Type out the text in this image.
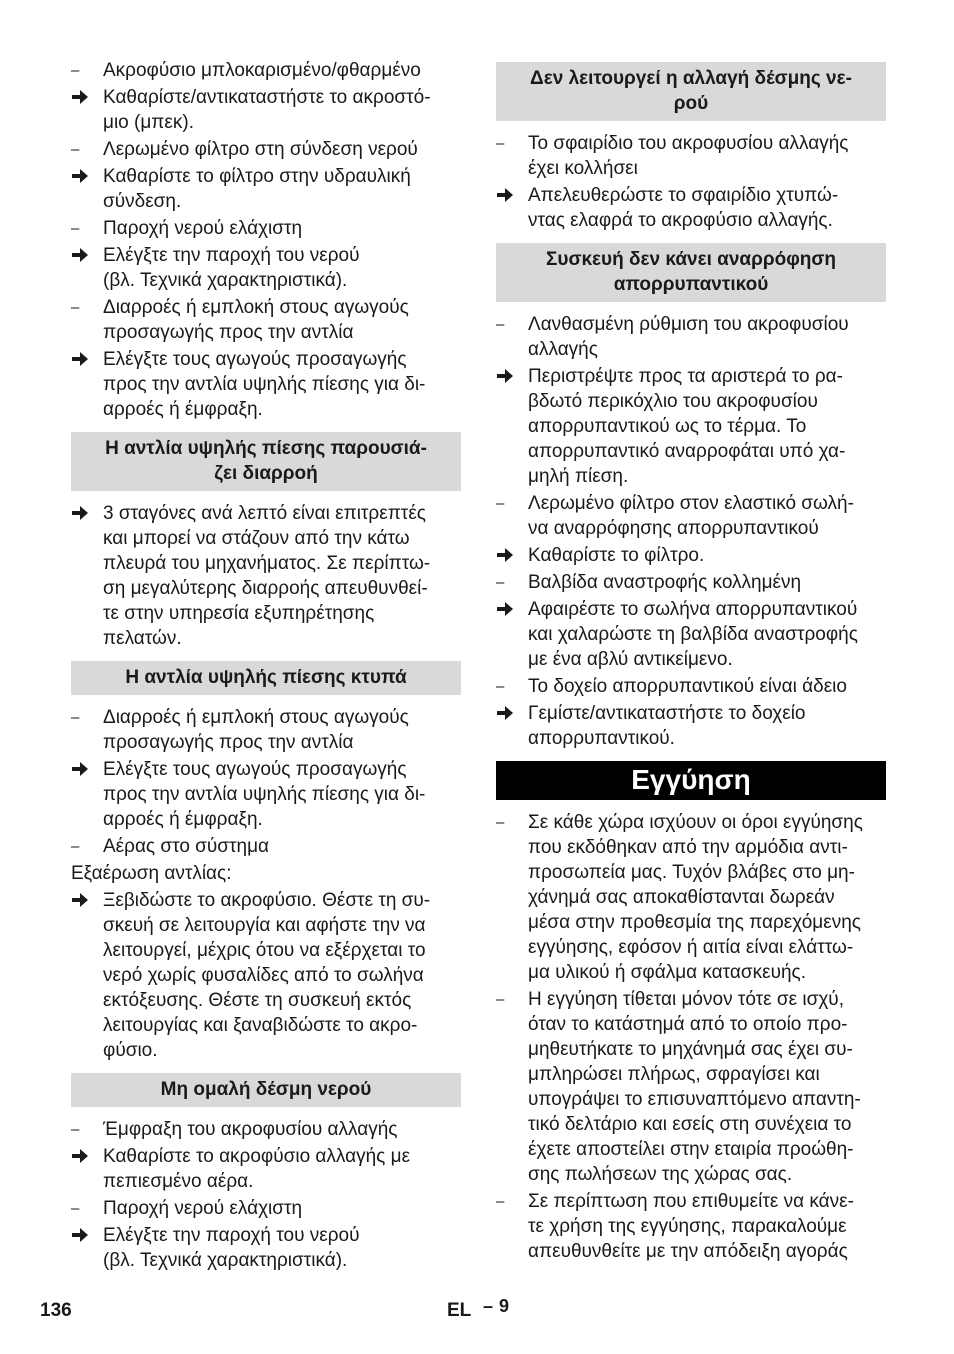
–	Ακροφύσιο μπλοκαρισμένο/φθαρμένο
Καθαρίστε/αντικαταστήστε το ακροστό-
μιο (μπεκ).
–	Λερωμένο φίλτρο στη σύνδεση νερού
Καθαρίστε το φίλτρο στην υδραυλική
σύνδεση.
–	Παροχή νερού ελάχιστη
Ελέγξτε την παροχή του νερού
(βλ. Τεχνικά χαρακτηριστικά).
–	Διαρροές ή εμπλοκή στους αγωγούς
προσαγωγής προς την αντλία
Ελέγξτε τους αγωγούς προσαγωγής
προς την αντλία υψηλής πίεσης για δι-
αρροές ή έμφραξη.
Η αντλία υψηλής πίεσης παρουσιά-
ζει διαρροή
3 σταγόνες ανά λεπτό είναι επιτρεπτές
και μπορεί να στάζουν από την κάτω
πλευρά του μηχανήματος. Σε περίπτω-
ση μεγαλύτερης διαρροής απευθυνθεί-
τε στην υπηρεσία εξυπηρέτησης
πελατών.
Η αντλία υψηλής πίεσης κτυπά
–	Διαρροές ή εμπλοκή στους αγωγούς
προσαγωγής προς την αντλία
Ελέγξτε τους αγωγούς προσαγωγής
προς την αντλία υψηλής πίεσης για δι-
αρροές ή έμφραξη.
–	Αέρας στο σύστημα
Εξαέρωση αντλίας:
Ξεβιδώστε το ακροφύσιο. Θέστε τη συ-
σκευή σε λειτουργία και αφήστε την να
λειτουργεί, μέχρις ότου να εξέρχεται το
νερό χωρίς φυσαλίδες από το σωλήνα
εκτόξευσης. Θέστε τη συσκευή εκτός
λειτουργίας και ξαναβιδώστε το ακρο-
φύσιο.
Μη ομαλή δέσμη νερού
–	Έμφραξη του ακροφυσίου αλλαγής
Καθαρίστε το ακροφύσιο αλλαγής με
πεπιεσμένο αέρα.
–	Παροχή νερού ελάχιστη
Ελέγξτε την παροχή του νερού
(βλ. Τεχνικά χαρακτηριστικά).
Δεν λειτουργεί η αλλαγή δέσμης νε-
ρού
–	Το σφαιρίδιο του ακροφυσίου αλλαγής
έχει κολλήσει
Απελευθερώστε το σφαιρίδιο χτυπώ-
ντας ελαφρά το ακροφύσιο αλλαγής.
Συσκευή δεν κάνει αναρρόφηση
απορρυπαντικού
–	Λανθασμένη ρύθμιση του ακροφυσίου
αλλαγής
Περιστρέψτε προς τα αριστερά το ρα-
βδωτό περικόχλιο του ακροφυσίου
απορρυπαντικού ως το τέρμα. Το
απορρυπαντικό αναρροφάται υπό χα-
μηλή πίεση.
–	Λερωμένο φίλτρο στον ελαστικό σωλή-
να αναρρόφησης απορρυπαντικού
Καθαρίστε το φίλτρο.
–	Βαλβίδα αναστροφής κολλημένη
Αφαιρέστε το σωλήνα απορρυπαντικού
και χαλαρώστε τη βαλβίδα αναστροφής
με ένα αβλύ αντικείμενο.
–	Το δοχείο απορρυπαντικού είναι άδειο
Γεμίστε/αντικαταστήστε το δοχείο
απορρυπαντικού.
Εγγύηση
–	Σε κάθε χώρα ισχύουν οι όροι εγγύησης
που εκδόθηκαν από την αρμόδια αντι-
προσωπεία μας. Τυχόν βλάβες στο μη-
χάνημά σας αποκαθίστανται δωρεάν
μέσα στην προθεσμία της παρεχόμενης
εγγύησης, εφόσον ή αιτία είναι ελάττω-
μα υλικού ή σφάλμα κατασκευής.
–	Η εγγύηση τίθεται μόνον τότε σε ισχύ,
όταν το κατάστημά από το οποίο προ-
μηθευτήκατε το μηχάνημά σας έχει συ-
μπληρώσει πλήρως, σφραγίσει και
υπογράψει το επισυναπτόμενο απαντη-
τικό δελτάριο και εσείς στη συνέχεια το
έχετε αποστείλει στην εταιρία προώθη-
σης πωλήσεων της χώρας σας.
–	Σε περίπτωση που επιθυμείτε να κάνε-
τε χρήση της εγγύησης, παρακαλούμε
απευθυνθείτε με την απόδειξη αγοράς
136	EL – 9
